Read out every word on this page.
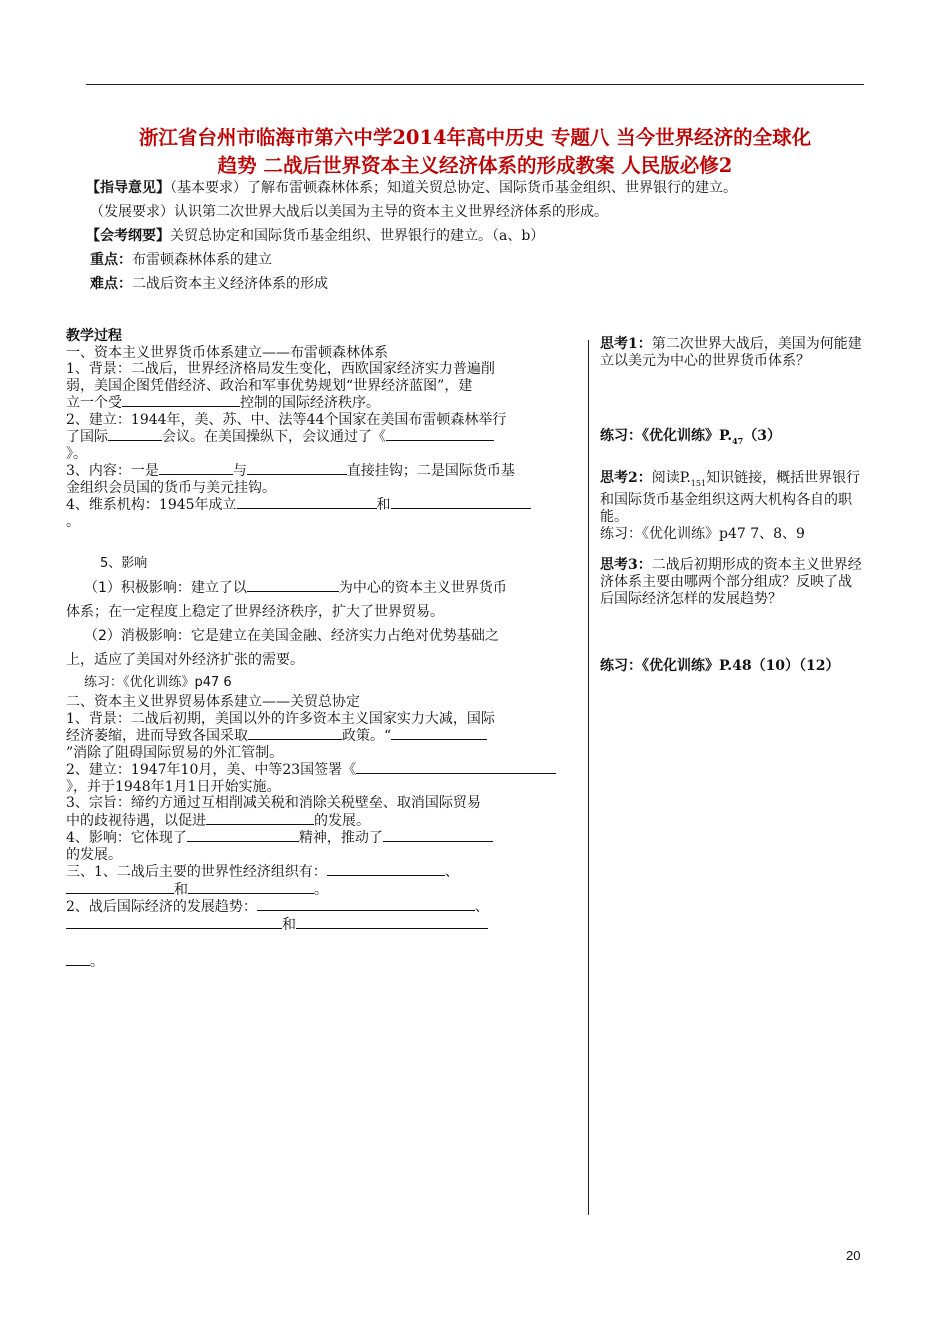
浙江省台州市临海市第六中学2014年高中历史 专题八 当今世界经济的全球化
趋势 二战后世界资本主义经济体系的形成教案 人民版必修2
【指导意见】（基本要求）了解布雷顿森林体系；知道关贸总协定、国际货币基金组织、世界银行的建立。
（发展要求）认识第二次世界大战后以美国为主导的资本主义世界经济体系的形成。
【会考纲要】关贸总协定和国际货币基金组织、世界银行的建立。（a、b）
重点：布雷顿森林体系的建立
难点：二战后资本主义经济体系的形成

教学过程

一、资本主义世界货币体系建立——布雷顿森林体系

1、背景：二战后，世界经济格局发生变化，西欧国家经济实力普遍削

弱，美国企图凭借经济、政治和军事优势规划“世界经济蓝图”，建

立一个受	控制的国际经济秩序。

2、建立：1944年，美、苏、中、法等44个国家在美国布雷顿森林举行

了国际	会议。在美国操纵下，会议通过了《

》。

3、内容：一是	与	直接挂钩；二是国际货币基

金组织会员国的货币与美元挂钩。

4、维系机构：1945年成立	和

。

5、影响

（1）积极影响：建立了以	为中心的资本主义世界货币

体系；在一定程度上稳定了世界经济秩序，扩大了世界贸易。

（2）消极影响：它是建立在美国金融、经济实力占绝对优势基础之

上，适应了美国对外经济扩张的需要。

练习：《优化训练》p47 6

二、资本主义世界贸易体系建立——关贸总协定

1、背景：二战后初期，美国以外的许多资本主义国家实力大减，国际

经济萎缩，进而导致各国采取	政策。“

”消除了阻碍国际贸易的外汇管制。

2、建立：1947年10月，美、中等23国签署《

》，并于1948年1月1日开始实施。

3、宗旨：缔约方通过互相削减关税和消除关税壁垒、取消国际贸易

中的歧视待遇，以促进	的发展。

4、影响：它体现了	精神，推动了

的发展。

三、1、二战后主要的世界性经济组织有：	、

和	。

2、战后国际经济的发展趋势：	、

和

。

思考1：第二次世界大战后，美国为何能建立以美元为中心的世界货币体系？

练习：《优化训练》$P._{47}(3)$

思考2：阅读$P._{151}$知识链接，概括世界银行和国际货币基金组织这两大机构各自的职能。

练习：《优化训练》p47 7、8、9

思考3：二战后初期形成的资本主义世界经济体系主要由哪两个部分组成？反映了战后国际经济怎样的发展趋势？

练习：《优化训练》P.48（10）（12）

20
